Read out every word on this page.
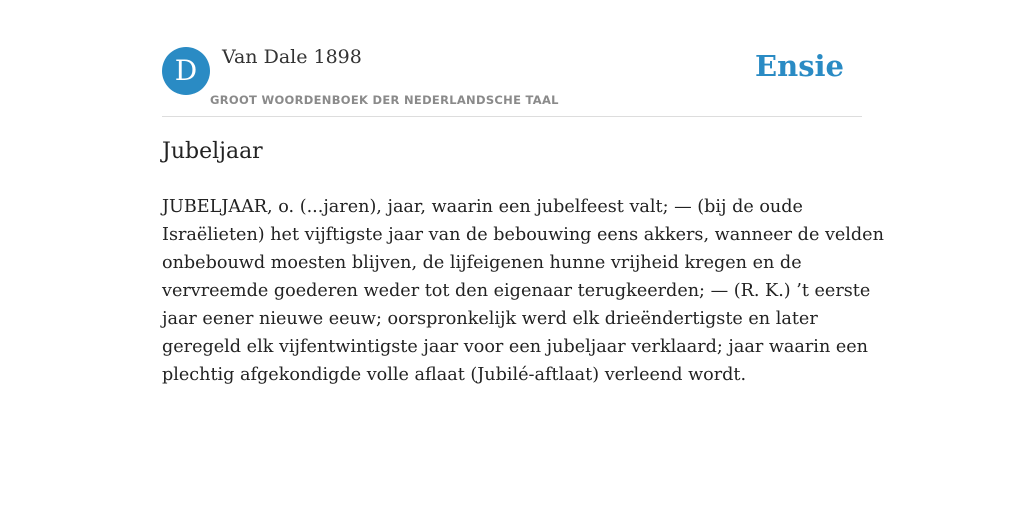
D	Van Dale 1898
GROOT WOORDENBOEK DER NEDERLANDSCHE TAAL
Ensie
Jubeljaar

JUBELJAAR, o. (...jaren), jaar, waarin een jubelfeest valt; — (bij de oude
Israëlieten) het vijftigste jaar van de bebouwing eens akkers, wanneer de velden
onbebouwd moesten blijven, de lijfeigenen hunne vrijheid kregen en de
vervreemde goederen weder tot den eigenaar terugkeerden; — (R. K.) ’t eerste
jaar eener nieuwe eeuw; oorspronkelijk werd elk drieëndertigste en later
geregeld elk vijfentwintigste jaar voor een jubeljaar verklaard; jaar waarin een
plechtig afgekondigde volle aflaat (Jubilé-aftlaat) verleend wordt.
